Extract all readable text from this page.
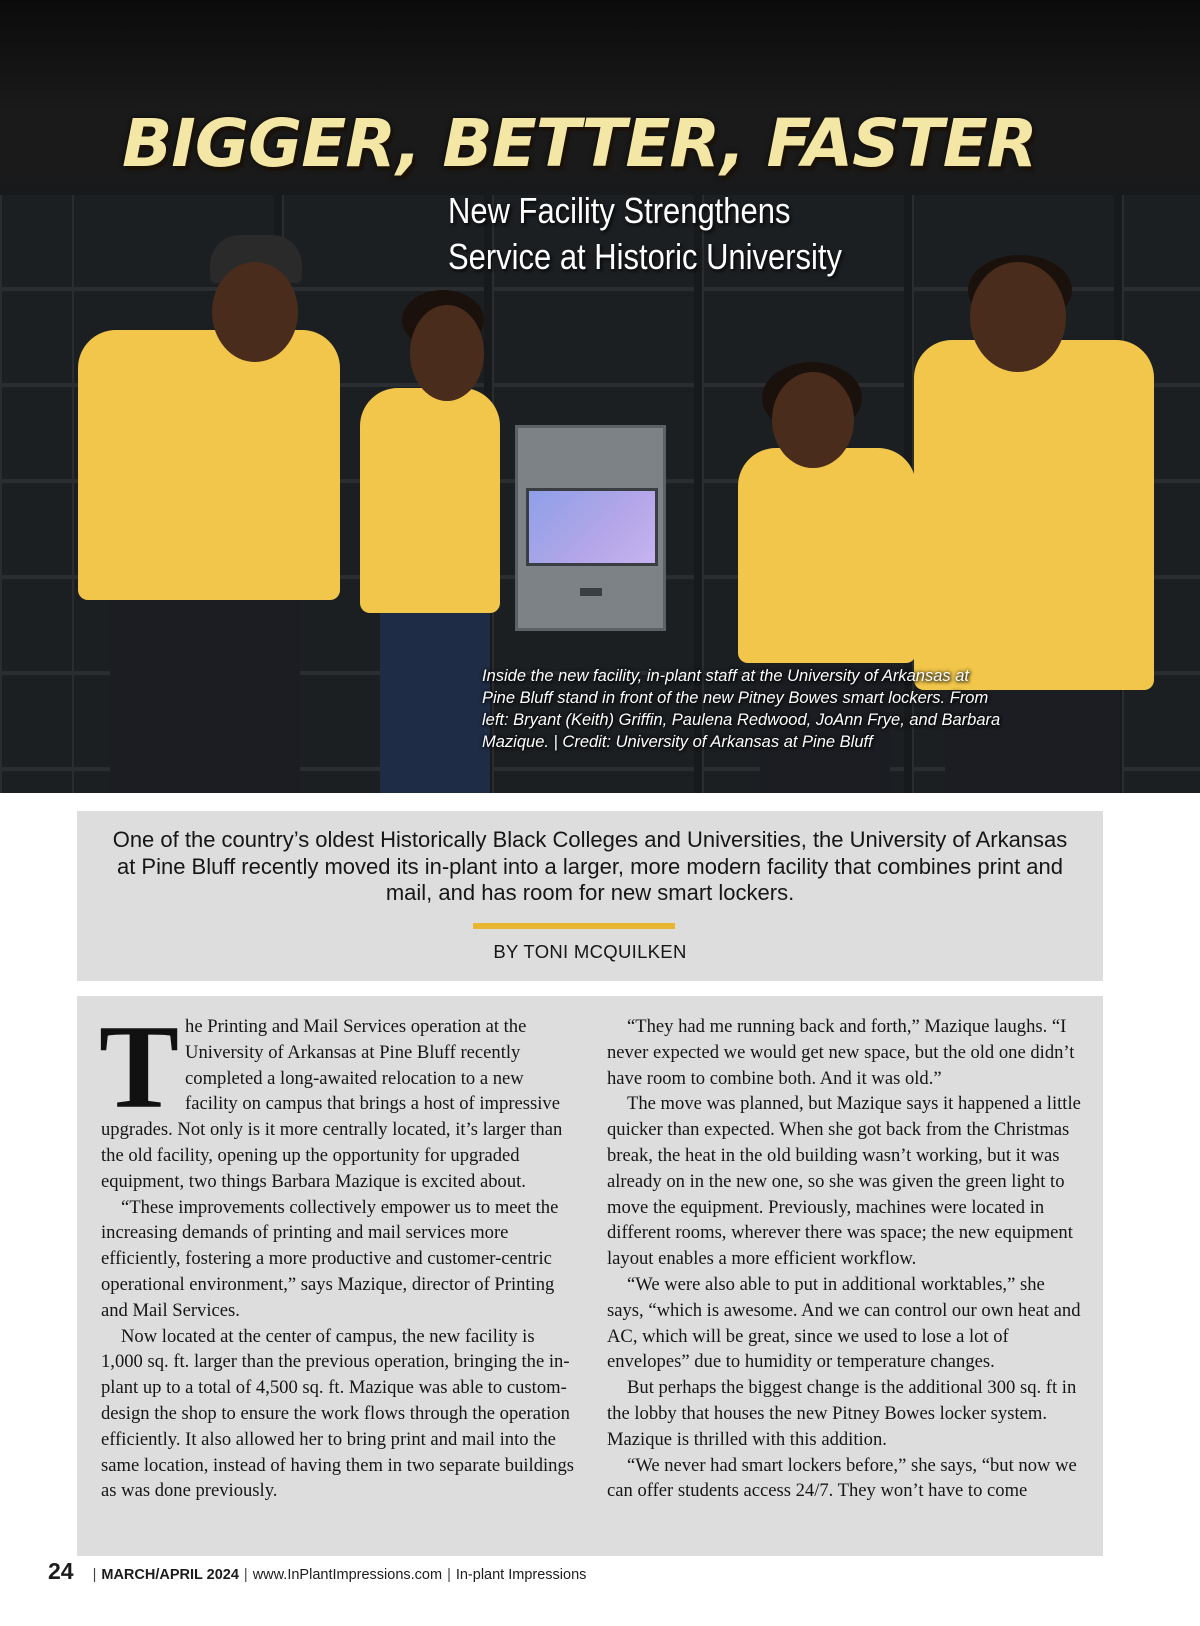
BIGGER, BETTER, FASTER
New Facility Strengthens
Service at Historic University
Inside the new facility, in-plant staff at the University of Arkansas at Pine Bluff stand in front of the new Pitney Bowes smart lockers. From left: Bryant (Keith) Griffin, Paulena Redwood, JoAnn Frye, and Barbara Mazique. | Credit: University of Arkansas at Pine Bluff
One of the country’s oldest Historically Black Colleges and Universities, the University of Arkansas at Pine Bluff recently moved its in-plant into a larger, more modern facility that combines print and mail, and has room for new smart lockers.
BY TONI MCQUILKEN

The Printing and Mail Services operation at the University of Arkansas at Pine Bluff recently completed a long-awaited relocation to a new facility on campus that brings a host of impressive upgrades. Not only is it more centrally located, it’s larger than the old facility, opening up the opportunity for upgraded equipment, two things Barbara Mazique is excited about.

“These improvements collectively empower us to meet the increasing demands of printing and mail services more efficiently, fostering a more productive and customer-centric operational environment,” says Mazique, director of Printing and Mail Services.

Now located at the center of campus, the new facility is 1,000 sq. ft. larger than the previous operation, bringing the in-plant up to a total of 4,500 sq. ft. Mazique was able to custom-design the shop to ensure the work flows through the operation efficiently. It also allowed her to bring print and mail into the same location, instead of having them in two separate buildings as was done previously.

“They had me running back and forth,” Mazique laughs. “I never expected we would get new space, but the old one didn’t have room to combine both. And it was old.”

The move was planned, but Mazique says it happened a little quicker than expected. When she got back from the Christmas break, the heat in the old building wasn’t working, but it was already on in the new one, so she was given the green light to move the equipment. Previously, machines were located in different rooms, wherever there was space; the new equipment layout enables a more efficient workflow.

“We were also able to put in additional worktables,” she says, “which is awesome. And we can control our own heat and AC, which will be great, since we used to lose a lot of envelopes” due to humidity or temperature changes.

But perhaps the biggest change is the additional 300 sq. ft in the lobby that houses the new Pitney Bowes locker system. Mazique is thrilled with this addition.

“We never had smart lockers before,” she says, “but now we can offer students access 24/7. They won’t have to come

24 | MARCH/APRIL 2024 | www.InPlantImpressions.com | In-plant Impressions
